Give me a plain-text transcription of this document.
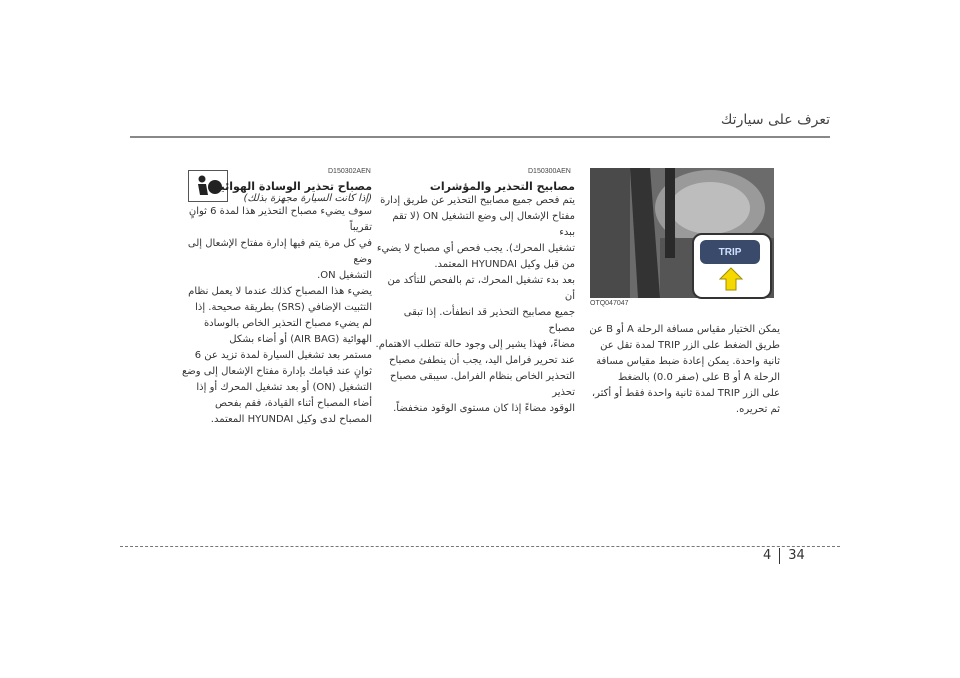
تعرف على سيارتك
TRIP
OTQ047047
يمكن الختيار مقياس مسافة الرحلة A أو B عن
طريق الضغط على الزر TRIP لمدة تقل عن
ثانية واحدة. يمكن إعادة ضبط مقياس مسافة
الرحلة A أو B على (صفر 0.0) بالضغط
على الزر TRIP لمدة ثانية واحدة فقط أو أكثر،
ثم تحريره.
D150300AEN
مصابيح التحذير والمؤشرات
يتم فحص جميع مصابيح التحذير عن طريق إدارة
مفتاح الإشعال إلى وضع التشغيل ON (لا تقم ببدء
تشغيل المحرك). يجب فحص أي مصباح لا يضيء
من قبل وكيل HYUNDAI المعتمد.
بعد بدء تشغيل المحرك، تم بالفحص للتأكد من أن
جميع مصابيح التحذير قد انطفأت. إذا تبقى مصباح
مضاءً، فهذا يشير إلى وجود حالة تتطلب الاهتمام.
عند تحرير فرامل اليد، يجب أن ينطفئ مصباح
التحذير الخاص بنظام الفرامل. سيبقى مصباح تحذير
الوقود مضاءً إذا كان مستوى الوقود منخفضاً.
D150302AEN
مصباح تحذير الوسادة الهوائية
(إذا كانت السيارة مجهزة بذلك)
سوف يضيء مصباح التحذير هذا لمدة 6 ثوانٍ تقريباً
في كل مرة يتم فيها إدارة مفتاح الإشعال إلى وضع
التشغيل ON.
يضيء هذا المصباح كذلك عندما لا يعمل نظام
التثبيت الإضافي (SRS) بطريقة صحيحة. إذا
لم يضيء مصباح التحذير الخاص بالوسادة
الهوائية (AIR BAG) أو أضاء بشكل
مستمر بعد تشغيل السيارة لمدة تزيد عن 6
ثوانٍ عند قيامك بإدارة مفتاح الإشعال إلى وضع
التشغيل (ON) أو بعد تشغيل المحرك أو إذا
أضاء المصباح أثناء القيادة، فقم بفحص
المصباح لدى وكيل HYUNDAI المعتمد.
4 34
